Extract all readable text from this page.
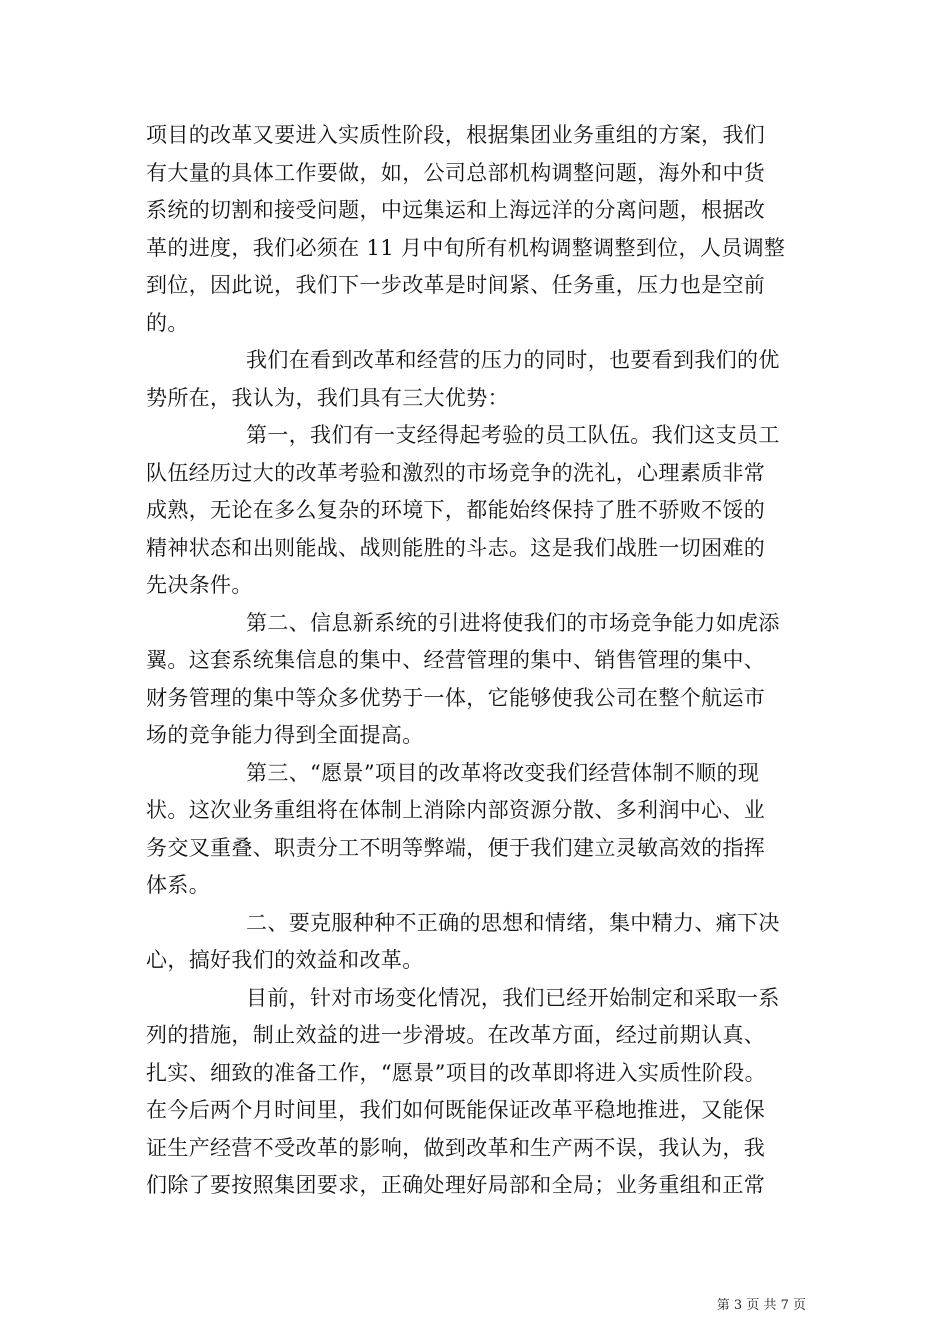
项目的改革又要进入实质性阶段，根据集团业务重组的方案，我们
有大量的具体工作要做，如，公司总部机构调整问题，海外和中货
系统的切割和接受问题，中远集运和上海远洋的分离问题，根据改
革的进度，我们必须在 11 月中旬所有机构调整调整到位，人员调整
到位，因此说，我们下一步改革是时间紧、任务重，压力也是空前
的。
我们在看到改革和经营的压力的同时，也要看到我们的优
势所在，我认为，我们具有三大优势：
第一，我们有一支经得起考验的员工队伍。我们这支员工
队伍经历过大的改革考验和激烈的市场竞争的洗礼，心理素质非常
成熟，无论在多么复杂的环境下，都能始终保持了胜不骄败不馁的
精神状态和出则能战、战则能胜的斗志。这是我们战胜一切困难的
先决条件。
第二、信息新系统的引进将使我们的市场竞争能力如虎添
翼。这套系统集信息的集中、经营管理的集中、销售管理的集中、
财务管理的集中等众多优势于一体，它能够使我公司在整个航运市
场的竞争能力得到全面提高。
第三、“愿景”项目的改革将改变我们经营体制不顺的现
状。这次业务重组将在体制上消除内部资源分散、多利润中心、业
务交叉重叠、职责分工不明等弊端，便于我们建立灵敏高效的指挥
体系。
二、要克服种种不正确的思想和情绪，集中精力、痛下决
心，搞好我们的效益和改革。
目前，针对市场变化情况，我们已经开始制定和采取一系
列的措施，制止效益的进一步滑坡。在改革方面，经过前期认真、
扎实、细致的准备工作，“愿景”项目的改革即将进入实质性阶段。
在今后两个月时间里，我们如何既能保证改革平稳地推进，又能保
证生产经营不受改革的影响，做到改革和生产两不误，我认为，我
们除了要按照集团要求，正确处理好局部和全局；业务重组和正常
第 3 页 共 7 页
